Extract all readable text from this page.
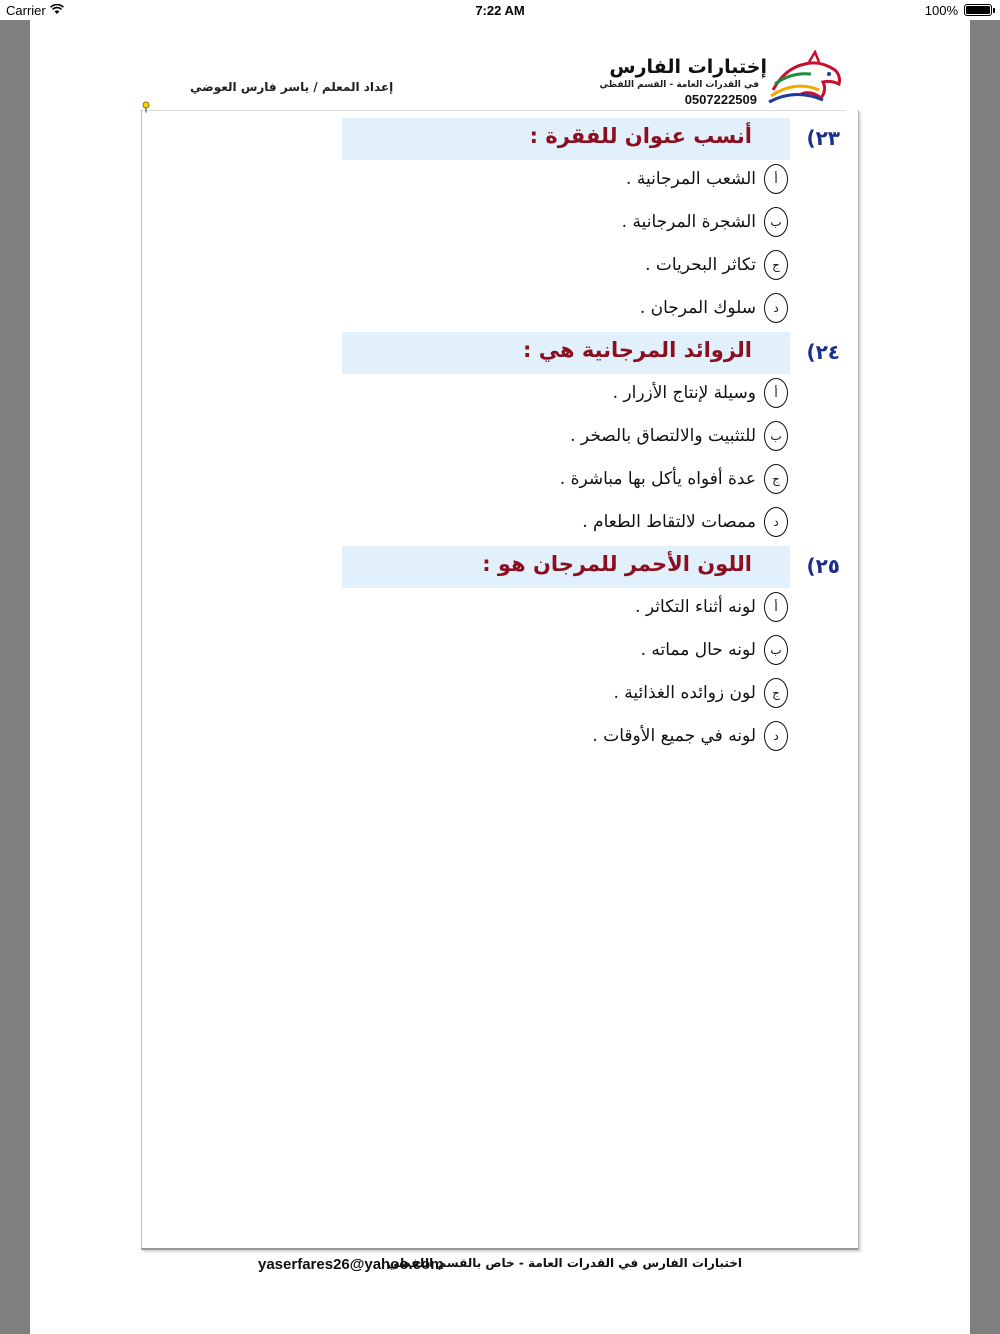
Carrier	7:22 AM	100%
إختبارات الفارس
في القدرات العامة - القسم اللفظي
0507222509
إعداد المعلم / ياسر فارس العوضي
٢٣)
أنسب عنوان للفقرة :
أ
الشعب المرجانية .
ب
الشجرة المرجانية .
ج
تكاثر البحريات .
د
سلوك المرجان .
٢٤)
الزوائد المرجانية هي :
أ
وسيلة لإنتاج الأزرار .
ب
للتثبيت والالتصاق بالصخر .
ج
عدة أفواه يأكل بها مباشرة .
د
ممصات لالتقاط الطعام .
٢٥)
اللون الأحمر للمرجان هو :
أ
لونه أثناء التكاثر .
ب
لونه حال مماته .
ج
لون زوائده الغذائية .
د
لونه في جميع الأوقات .
yaserfares26@yahoo.com
اختبارات الفارس في القدرات العامة - خاص بالقسم اللفظي
